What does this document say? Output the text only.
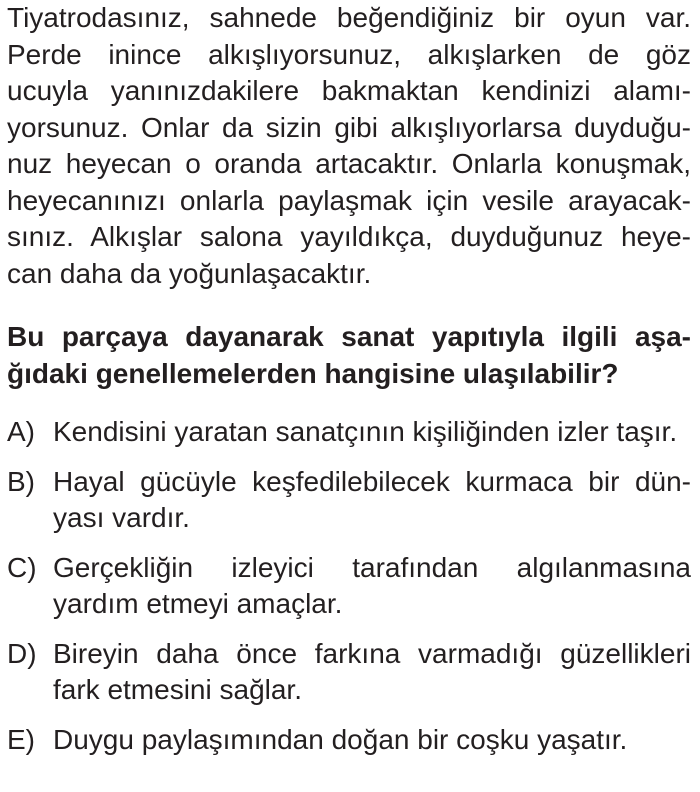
Tiyatrodasınız, sahnede beğendiğiniz bir oyun var.
Perde inince alkışlıyorsunuz, alkışlarken de göz
ucuyla yanınızdakilere bakmaktan kendinizi alamı-
yorsunuz. Onlar da sizin gibi alkışlıyorlarsa duyduğu-
nuz heyecan o oranda artacaktır. Onlarla konuşmak,
heyecanınızı onlarla paylaşmak için vesile arayacak-
sınız. Alkışlar salona yayıldıkça, duyduğunuz heye-
can daha da yoğunlaşacaktır.
Bu parçaya dayanarak sanat yapıtıyla ilgili aşa-
ğıdaki genellemelerden hangisine ulaşılabilir?
A) Kendisini yaratan sanatçının kişiliğinden izler taşır.
B) Hayal gücüyle keşfedilebilecek kurmaca bir dün-
yası vardır.
C) Gerçekliğin izleyici tarafından algılanmasına
yardım etmeyi amaçlar.
D) Bireyin daha önce farkına varmadığı güzellikleri
fark etmesini sağlar.
E) Duygu paylaşımından doğan bir coşku yaşatır.
